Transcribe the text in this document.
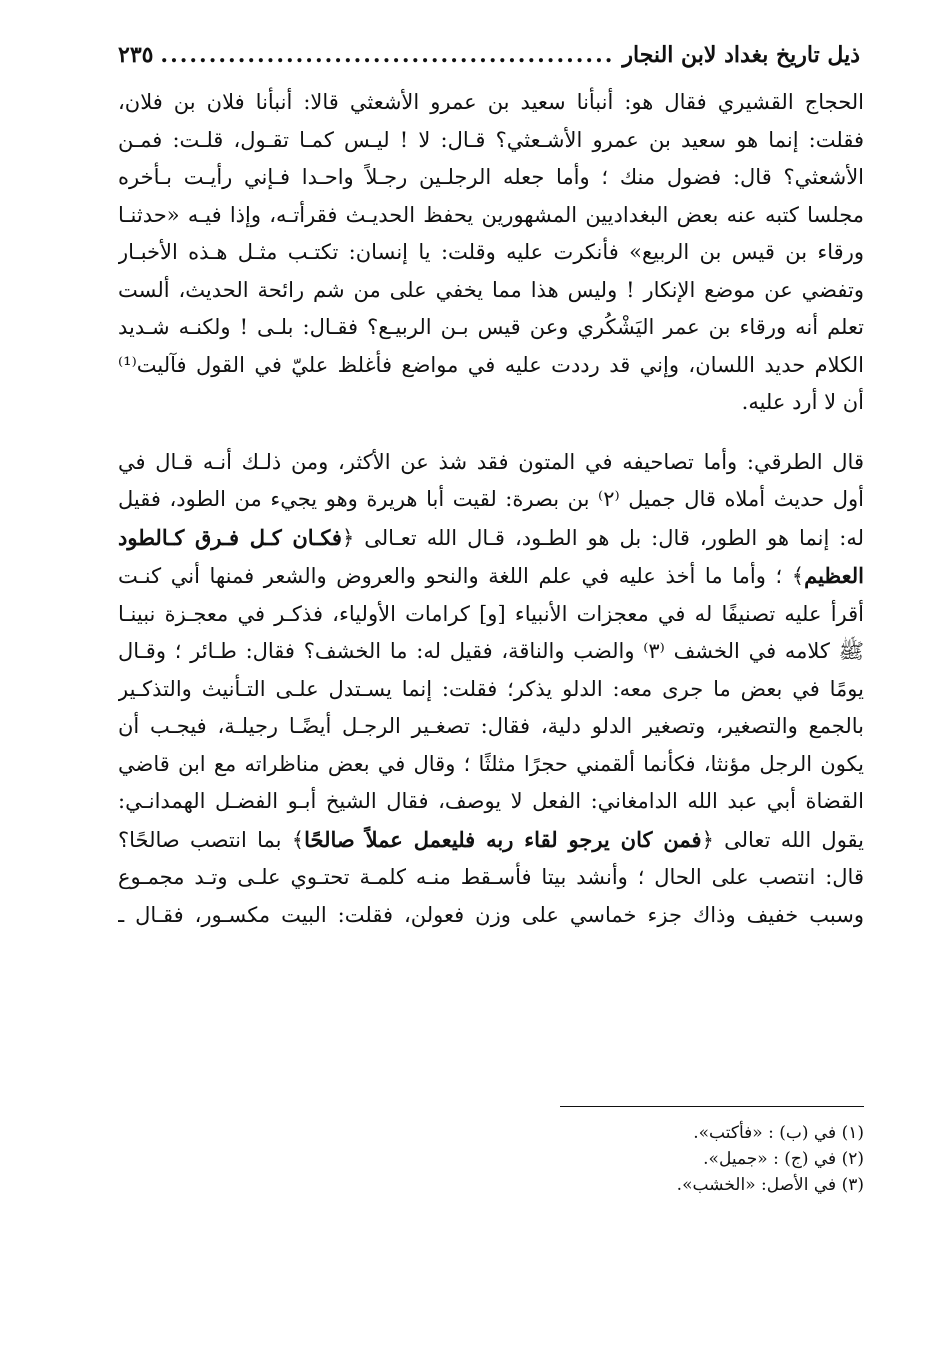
ذيل تاريخ بغداد لابن النجار
.....
٢٣٥
الحجاج القشيري فقال هو: أنبأنا سعيد بن عمرو الأشعثي قالا: أنبأنا فلان بن فلان،
فقلت: إنما هو سعيد بن عمرو الأشـعثي؟ قـال: لا ! ليـس كمـا تقـول، قلـت: فمـن
الأشعثي؟ قال: فضول منك ؛ وأما جعله الرجلـين رجـلاً واحـدا فـإني رأيـت بـأخره
مجلسا كتبه عنه بعض البغداديين المشهورين يحفظ الحديـث فقرأتـه، وإذا فيـه «حدثنـا
ورقاء بن قيس بن الربيع» فأنكرت عليه وقلت: يا إنسان: تكتـب مثـل هـذه الأخبـار
وتفضي عن موضع الإنكار ! وليس هذا مما يخفي على من شم رائحة الحديث، ألست
تعلم أنه ورقاء بن عمر اليَشْكُري وعن قيس بـن الربيـع؟ فقـال: بلـى ! ولكنـه شـديد
الكلام حديد اللسان، وإني قد رددت عليه في مواضع فأغلظ عليّ في القول فآليت⁽¹⁾
أن لا أرد عليه.
قال الطرقي: وأما تصاحيفه في المتون فقد شذ عن الأكثر، ومن ذلـك أنـه قـال في
أول حديث أملاه قال جميل ⁽٢⁾ بن بصرة: لقيت أبا هريرة وهو يجيء من الطود، فقيل
له: إنما هو الطور، قال: بل هو الطـود، قـال الله تعـالى ﴿فكـان كـل فـرق كـالطود
العظيم﴾ ؛ وأما ما أخذ عليه في علم اللغة والنحو والعروض والشعر فمنها أني كنـت
أقرأ عليه تصنيفًا له في معجزات الأنبياء [و] كرامات الأولياء، فذكـر في معجـزة نبينـا
ﷺ كلامه في الخشف ⁽٣⁾ والضب والناقة، فقيل له: ما الخشف؟ فقال: طـائر ؛ وقـال
يومًا في بعض ما جرى معه: الدلو يذكر؛ فقلت: إنما يسـتدل علـى التـأنيث والتذكـير
بالجمع والتصغير، وتصغير الدلو دلية، فقال: تصغـير الرجـل أيضًـا رجيلـة، فيجـب أن
يكون الرجل مؤنثا، فكأنما ألقمني حجرًا مثلثًا ؛ وقال في بعض مناظراته مع ابن قاضي
القضاة أبي عبد الله الدامغاني: الفعل لا يوصف، فقال الشيخ أبـو الفضـل الهمدانـي:
يقول الله تعالى ﴿فمن كان يرجو لقاء ربه فليعمل عملاً صالحًا﴾ بما انتصب صالحًا؟
قال: انتصب على الحال ؛ وأنشد بيتا فأسـقط منـه كلمـة تحتـوي علـى وتـد مجمـوع
وسبب خفيف وذاك جزء خماسي على وزن فعولن، فقلت: البيت مكسـور، فقـال ـ
(١) في (ب) : «فأكتب».
(٢) في (ج) : «جميل».
(٣) في الأصل: «الخشب».
